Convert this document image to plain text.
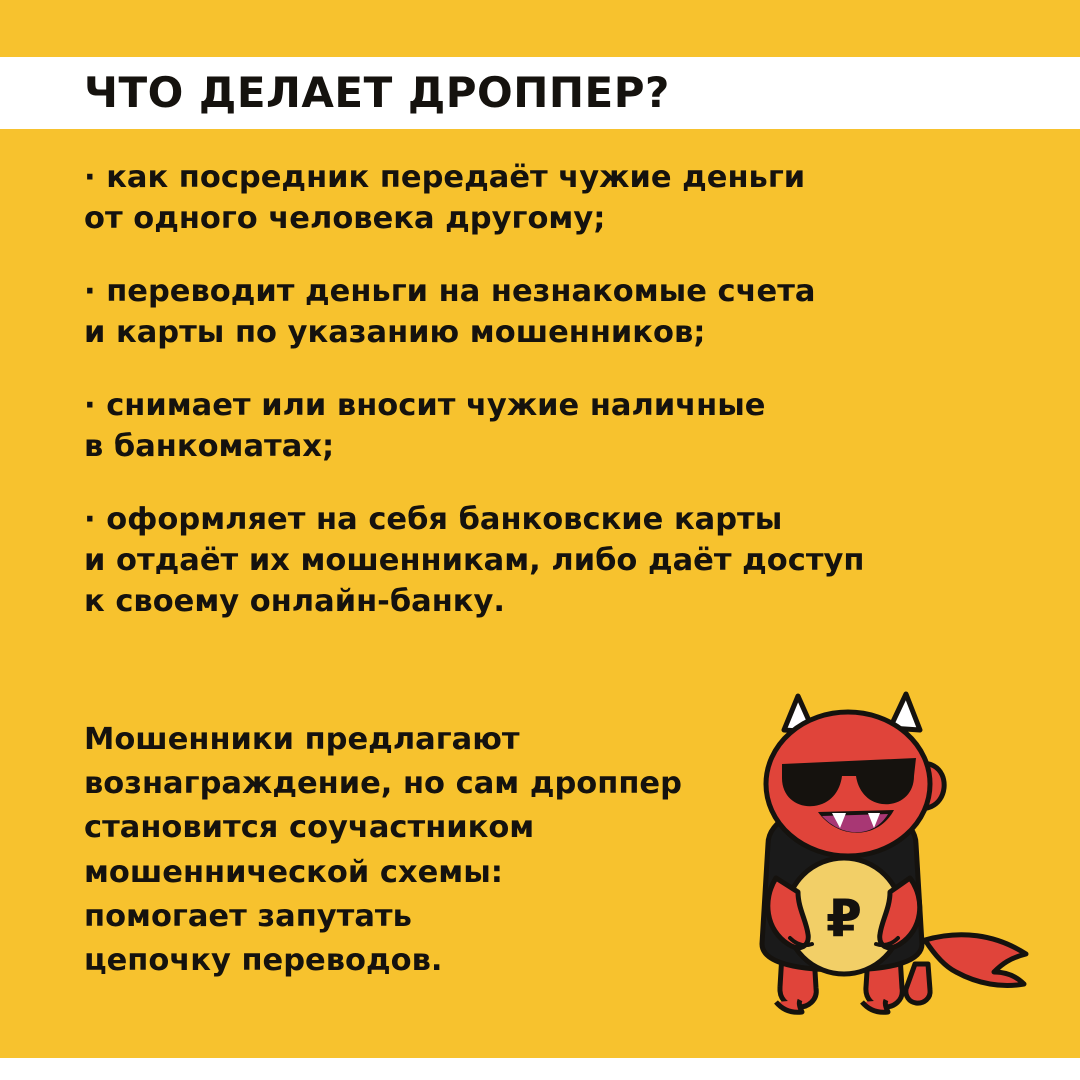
ЧТО ДЕЛАЕТ ДРОППЕР?
· как посредник передаёт чужие деньги
от одного человека другому;
· переводит деньги на незнакомые счета
и карты по указанию мошенников;
· снимает или вносит чужие наличные
в банкоматах;
· оформляет на себя банковские карты
и отдаёт их мошенникам, либо даёт доступ
к своему онлайн-банку.
Мошенники предлагают
вознаграждение, но сам дроппер
становится соучастником
мошеннической схемы:
помогает запутать
цепочку переводов.
₽
